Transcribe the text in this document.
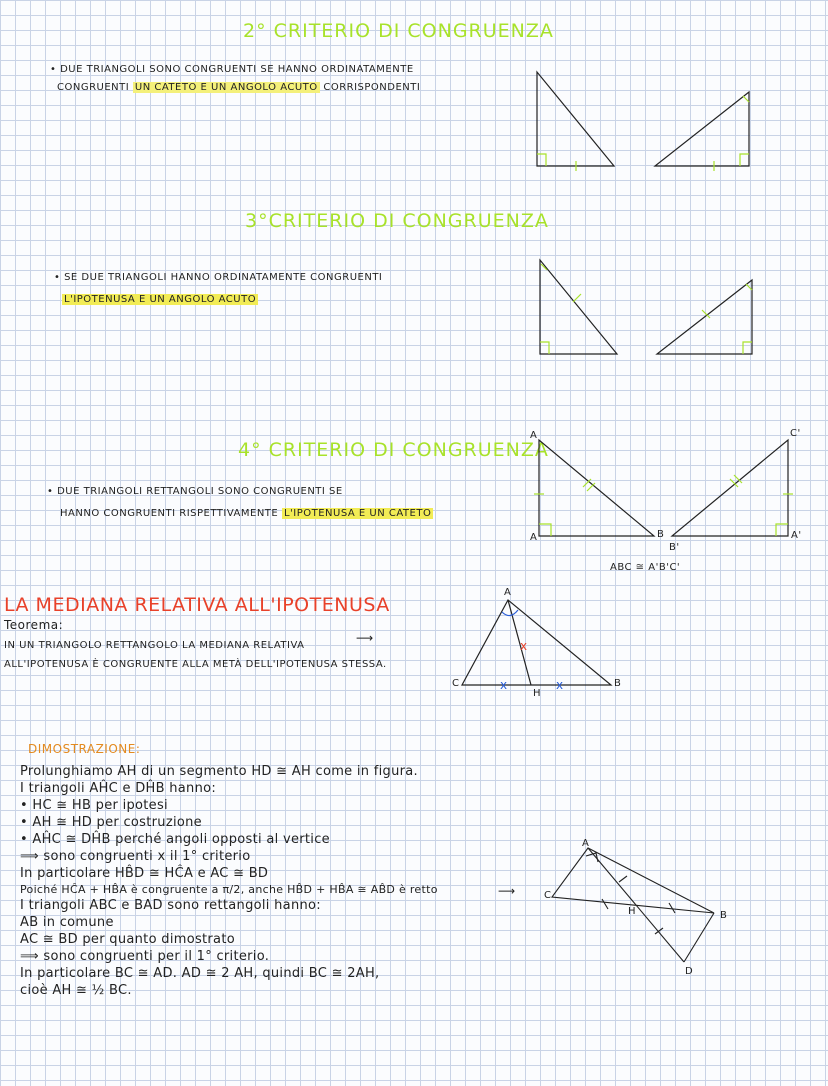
2° CRITERIO DI CONGRUENZA
• DUE TRIANGOLI SONO CONGRUENTI SE HANNO ORDINATAMENTE
CONGRUENTI UN CATETO E UN ANGOLO ACUTO CORRISPONDENTI
3°CRITERIO DI CONGRUENZA
• SE DUE TRIANGOLI HANNO ORDINATAMENTE CONGRUENTI
L'IPOTENUSA E UN ANGOLO ACUTO
4° CRITERIO DI CONGRUENZA
• DUE TRIANGOLI RETTANGOLI SONO CONGRUENTI SE
HANNO CONGRUENTI RISPETTIVAMENTE L'IPOTENUSA E UN CATETO
A
A	B
C'
B'
A'
ABC ≅ A'B'C'
LA MEDIANA RELATIVA ALL'IPOTENUSA
Teorema:
IN UN TRIANGOLO RETTANGOLO LA MEDIANA RELATIVA
ALL'IPOTENUSA È CONGRUENTE ALLA METÀ DELL'IPOTENUSA STESSA.
⟶
A
C	B
H
DIMOSTRAZIONE:
Prolunghiamo AH di un segmento HD ≅ AH come in figura.
I triangoli AĤC e DĤB hanno:
• HC ≅ HB per ipotesi
• AH ≅ HD per costruzione
• AĤC ≅ DĤB perché angoli opposti al vertice
⟹ sono congruenti x il 1° criterio
In particolare HB̂D ≅ HĈA e AC ≅ BD
Poiché HĈA + HB̂A è congruente a π/2, anche HB̂D + HB̂A ≅ AB̂D è retto
I triangoli ABC e BAD sono rettangoli hanno:
AB in comune
AC ≅ BD per quanto dimostrato
⟹ sono congruenti per il 1° criterio.
In particolare BC ≅ AD. AD ≅ 2 AH, quindi BC ≅ 2AH,
cioè AH ≅ ½ BC.
⟶
A
C
H	B
D
x
x	x
